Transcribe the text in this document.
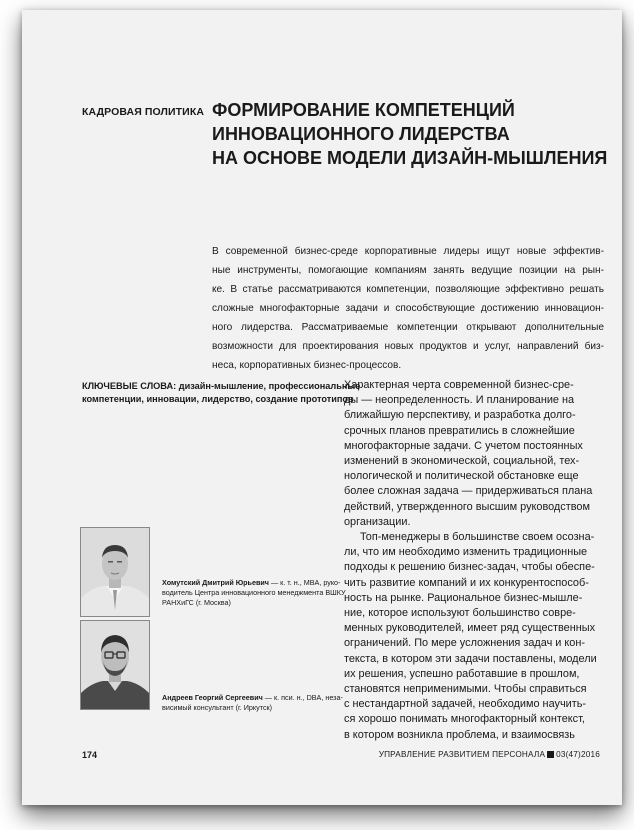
КАДРОВАЯ ПОЛИТИКА ФОРМИРОВАНИЕ КОМПЕТЕНЦИЙ
ИННОВАЦИОННОГО ЛИДЕРСТВА
НА ОСНОВЕ МОДЕЛИ ДИЗАЙН-МЫШЛЕНИЯ
В современной бизнес-среде корпоративные лидеры ищут новые эффектив-
ные инструменты, помогающие компаниям занять ведущие позиции на рын-
ке. В статье рассматриваются компетенции, позволяющие эффективно решать
сложные многофакторные задачи и способствующие достижению инновацион-
ного лидерства. Рассматриваемые компетенции открывают дополнительные
возможности для проектирования новых продуктов и услуг, направлений биз-
неса, корпоративных бизнес-процессов.
КЛЮЧЕВЫЕ СЛОВА: дизайн-мышление, профессиональные
компетенции, инновации, лидерство, создание прототипов
Характерная черта современной бизнес-сре-
ды — неопределенность. И планирование на
ближайшую перспективу, и разработка долго-
срочных планов превратились в сложнейшие
многофакторные задачи. С учетом постоянных
изменений в экономической, социальной, тех-
нологической и политической обстановке еще
более сложная задача — придерживаться плана
действий, утвержденного высшим руководством
организации.
Топ-менеджеры в большинстве своем осозна-
ли, что им необходимо изменить традиционные
подходы к решению бизнес-задач, чтобы обеспе-
чить развитие компаний и их конкурентоспособ-
ность на рынке. Рациональное бизнес-мышле-
ние, которое используют большинство совре-
менных руководителей, имеет ряд существенных
ограничений. По мере усложнения задач и кон-
текста, в котором эти задачи поставлены, модели
их решения, успешно работавшие в прошлом,
становятся неприменимыми. Чтобы справиться
с нестандартной задачей, необходимо научить-
ся хорошо понимать многофакторный контекст,
в котором возникла проблема, и взаимосвязь
Хомутский Дмитрий Юрьевич — к. т. н., MBA, руко-
водитель Центра инновационного менеджмента ВШКУ
РАНХиГС (г. Москва)
Андреев Георгий Сергеевич — к. пси. н., DBA, неза-
висимый консультант (г. Иркутск)
174	УПРАВЛЕНИЕ РАЗВИТИЕМ ПЕРСОНАЛА 03(47)2016
